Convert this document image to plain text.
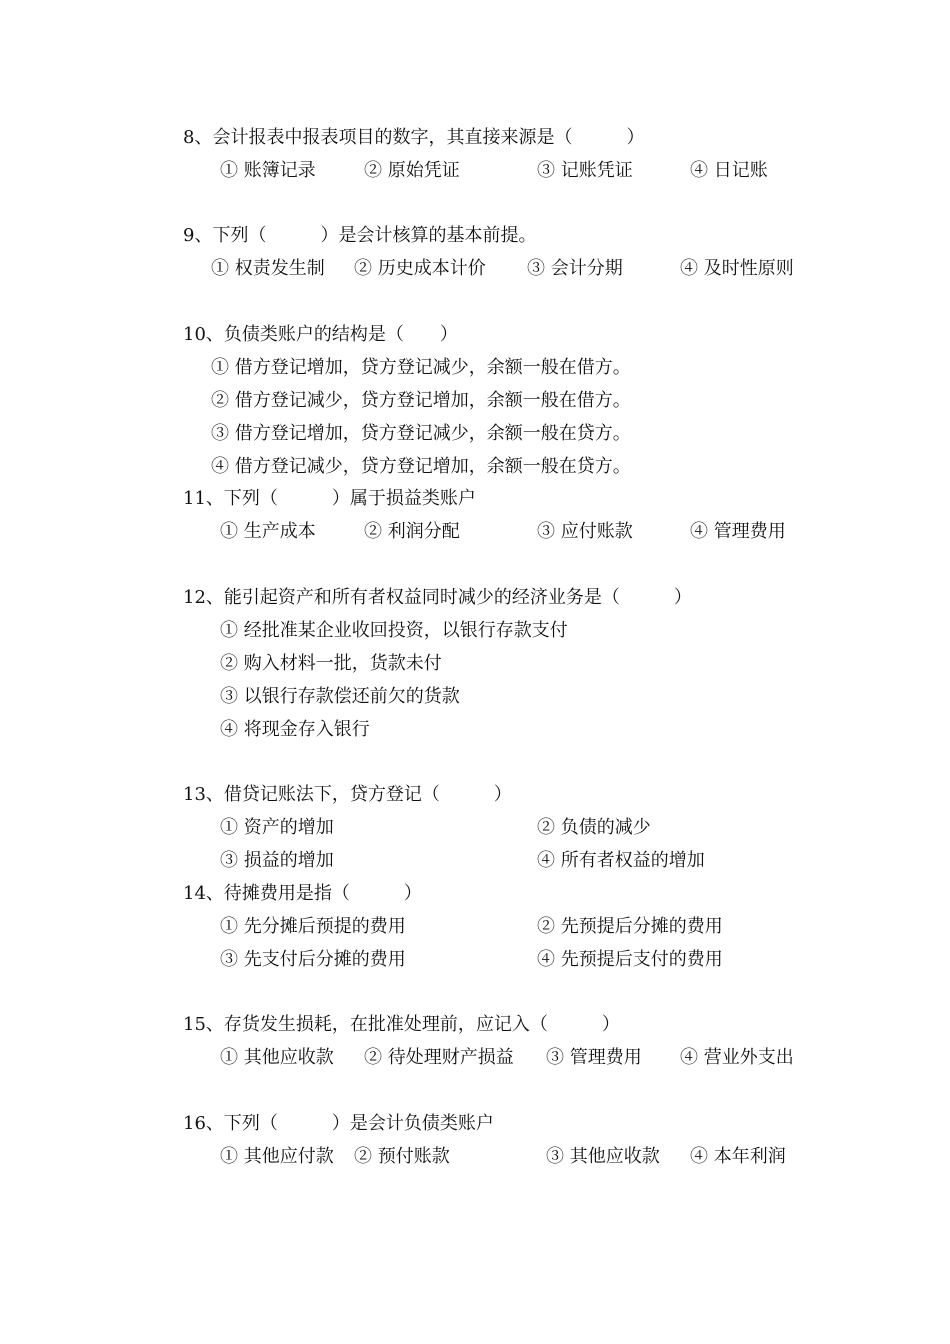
8、会计报表中报表项目的数字，其直接来源是（　　　）
① 账簿记录	② 原始凭证	③ 记账凭证	④ 日记账
9、下列（　　　）是会计核算的基本前提。
① 权责发生制 ② 历史成本计价 ③ 会计分期	④ 及时性原则
10、负债类账户的结构是（　　）
① 借方登记增加，贷方登记减少，余额一般在借方。
② 借方登记减少，贷方登记增加，余额一般在借方。
③ 借方登记增加，贷方登记减少，余额一般在贷方。
④ 借方登记减少，贷方登记增加，余额一般在贷方。
11、下列（　　　）属于损益类账户
① 生产成本	② 利润分配	③ 应付账款	④ 管理费用
12、能引起资产和所有者权益同时减少的经济业务是（　　　）
① 经批准某企业收回投资，以银行存款支付
② 购入材料一批，货款未付
③ 以银行存款偿还前欠的货款
④ 将现金存入银行
13、借贷记账法下，贷方登记（　　　）
① 资产的增加	② 负债的减少
③ 损益的增加	④ 所有者权益的增加
14、待摊费用是指（　　　）
① 先分摊后预提的费用	② 先预提后分摊的费用
③ 先支付后分摊的费用	④ 先预提后支付的费用
15、存货发生损耗，在批准处理前，应记入（　　　）
① 其他应收款 ② 待处理财产损益 ③ 管理费用 ④ 营业外支出
16、下列（　　　）是会计负债类账户
① 其他应付款 ② 预付账款	③ 其他应收款 ④ 本年利润
